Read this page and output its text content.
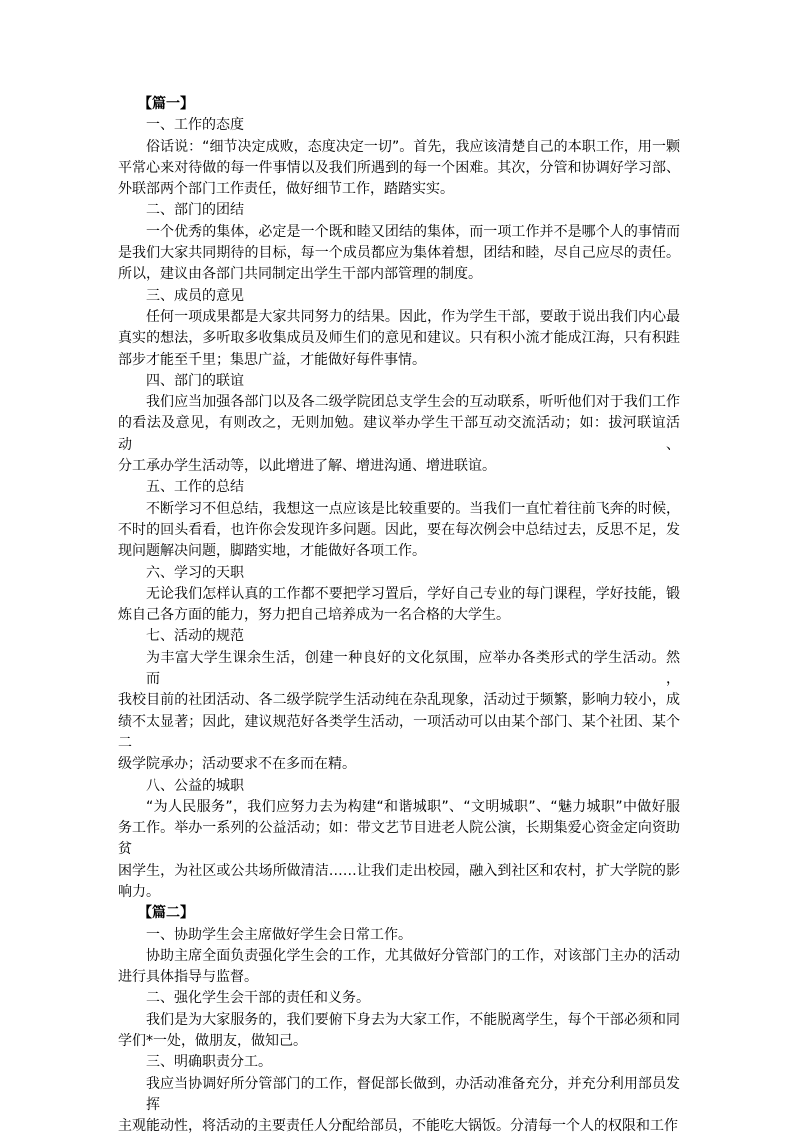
【篇一】

一、工作的态度

俗话说：“细节决定成败，态度决定一切”。首先，我应该清楚自己的本职工作，用一颗

平常心来对待做的每一件事情以及我们所遇到的每一个困难。其次，分管和协调好学习部、

外联部两个部门工作责任，做好细节工作，踏踏实实。

二、部门的团结

一个优秀的集体，必定是一个既和睦又团结的集体，而一项工作并不是哪个人的事情而

是我们大家共同期待的目标，每一个成员都应为集体着想，团结和睦，尽自己应尽的责任。

所以，建议由各部门共同制定出学生干部内部管理的制度。

三、成员的意见

任何一项成果都是大家共同努力的结果。因此，作为学生干部，要敢于说出我们内心最

真实的想法，多听取多收集成员及师生们的意见和建议。只有积小流才能成江海，只有积跬

部步才能至千里；集思广益，才能做好每件事情。

四、部门的联谊

我们应当加强各部门以及各二级学院团总支学生会的互动联系，听听他们对于我们工作

的看法及意见，有则改之，无则加勉。建议举办学生干部互动交流活动；如：拔河联谊活动、

分工承办学生活动等，以此增进了解、增进沟通、增进联谊。

五、工作的总结

不断学习不但总结，我想这一点应该是比较重要的。当我们一直忙着往前飞奔的时候，

不时的回头看看，也许你会发现许多问题。因此，要在每次例会中总结过去，反思不足，发

现问题解决问题，脚踏实地，才能做好各项工作。

六、学习的天职

无论我们怎样认真的工作都不要把学习置后，学好自己专业的每门课程，学好技能，锻

炼自己各方面的能力，努力把自己培养成为一名合格的大学生。

七、活动的规范

为丰富大学生课余生活，创建一种良好的文化氛围，应举办各类形式的学生活动。然而，

我校目前的社团活动、各二级学院学生活动纯在杂乱现象，活动过于频繁，影响力较小，成

绩不太显著；因此，建议规范好各类学生活动，一项活动可以由某个部门、某个社团、某个二

级学院承办；活动要求不在多而在精。

八、公益的城职

“为人民服务”，我们应努力去为构建“和谐城职”、“文明城职”、“魅力城职”中做好服

务工作。举办一系列的公益活动；如：带文艺节目进老人院公演，长期集爱心资金定向资助贫

困学生，为社区或公共场所做清洁……让我们走出校园，融入到社区和农村，扩大学院的影

响力。

【篇二】

一、协助学生会主席做好学生会日常工作。

协助主席全面负责强化学生会的工作，尤其做好分管部门的工作，对该部门主办的活动

进行具体指导与监督。

二、强化学生会干部的责任和义务。

我们是为大家服务的，我们要俯下身去为大家工作，不能脱离学生，每个干部必须和同

学们*一处，做朋友，做知己。

三、明确职责分工。

我应当协调好所分管部门的工作，督促部长做到，办活动准备充分，并充分利用部员发挥

主观能动性，将活动的主要责任人分配给部员，不能吃大锅饭。分清每一个人的权限和工作
